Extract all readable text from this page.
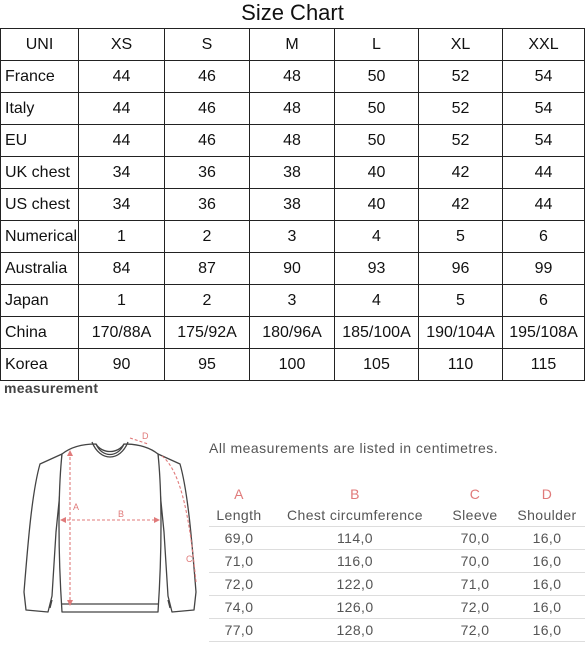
Size Chart
UNI	XS	S	M	L	XL	XXL
France	44	46	48	50	52	54
Italy	44	46	48	50	52	54
EU	44	46	48	50	52	54
UK chest	34	36	38	40	42	44
US chest	34	36	38	40	42	44
Numerical	1	2	3	4	5	6
Australia	84	87	90	93	96	99
Japan	1	2	3	4	5	6
China	170/88A	175/92A	180/96A	185/100A	190/104A	195/108A
Korea	90	95	100	105	110	115
measurement
A
B
C
D
All measurements are listed in centimetres.
A	B	C	D
Length	Chest circumference	Sleeve	Shoulder
69,0	114,0	70,0	16,0
71,0	116,0	70,0	16,0
72,0	122,0	71,0	16,0
74,0	126,0	72,0	16,0
77,0	128,0	72,0	16,0
